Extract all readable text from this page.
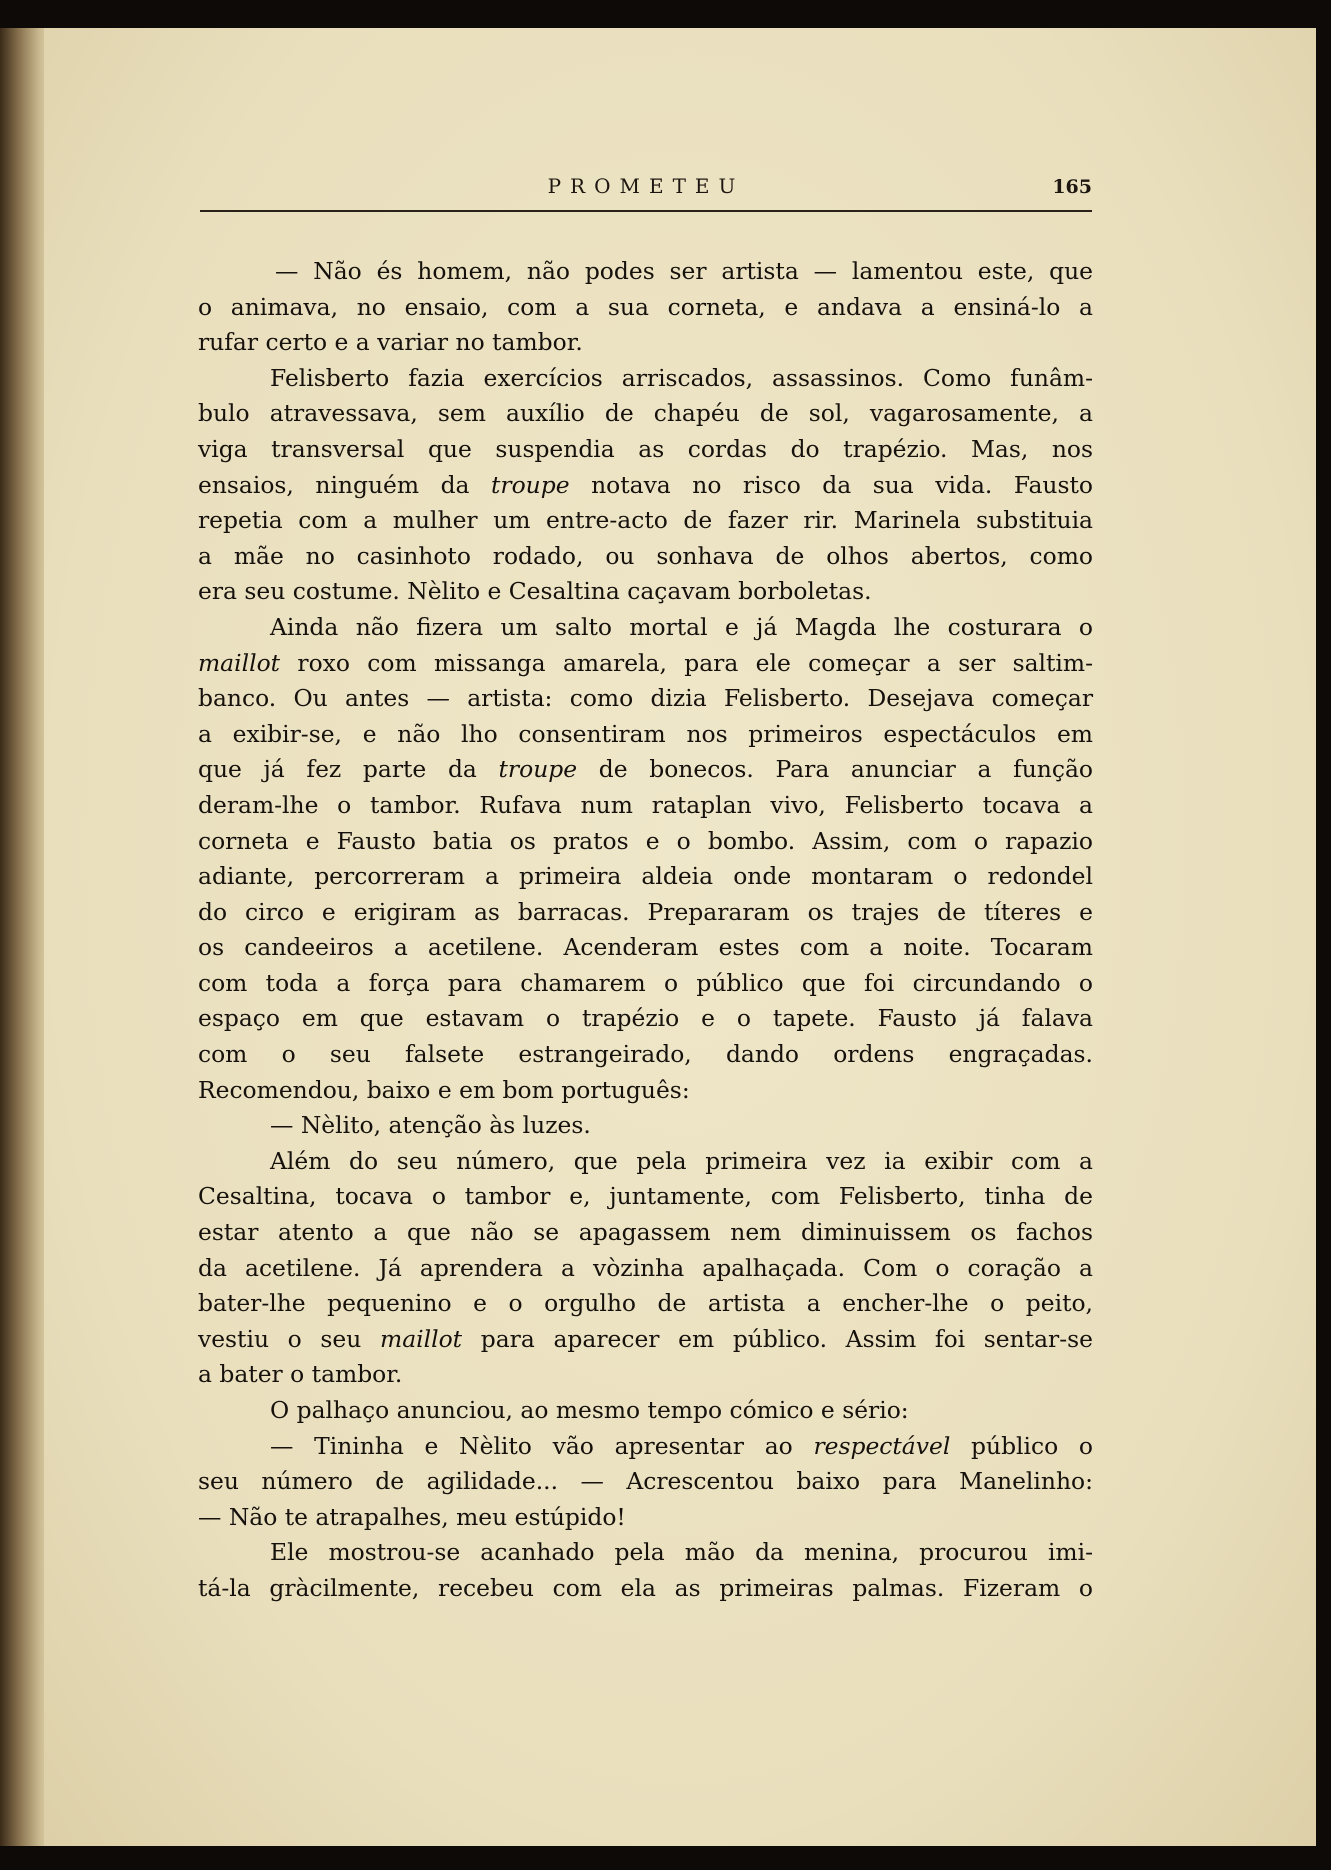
PROMETEU	165
— Não és homem, não podes ser artista — lamentou este, que
o animava, no ensaio, com a sua corneta, e andava a ensiná-lo a
rufar certo e a variar no tambor.
Felisberto fazia exercícios arriscados, assassinos. Como funâm-
bulo atravessava, sem auxílio de chapéu de sol, vagarosamente, a
viga transversal que suspendia as cordas do trapézio. Mas, nos
ensaios, ninguém da troupe notava no risco da sua vida. Fausto
repetia com a mulher um entre-acto de fazer rir. Marinela substituia
a mãe no casinhoto rodado, ou sonhava de olhos abertos, como
era seu costume. Nèlito e Cesaltina caçavam borboletas.
Ainda não fizera um salto mortal e já Magda lhe costurara o
maillot roxo com missanga amarela, para ele começar a ser saltim-
banco. Ou antes — artista: como dizia Felisberto. Desejava começar
a exibir-se, e não lho consentiram nos primeiros espectáculos em
que já fez parte da troupe de bonecos. Para anunciar a função
deram-lhe o tambor. Rufava num rataplan vivo, Felisberto tocava a
corneta e Fausto batia os pratos e o bombo. Assim, com o rapazio
adiante, percorreram a primeira aldeia onde montaram o redondel
do circo e erigiram as barracas. Prepararam os trajes de títeres e
os candeeiros a acetilene. Acenderam estes com a noite. Tocaram
com toda a força para chamarem o público que foi circundando o
espaço em que estavam o trapézio e o tapete. Fausto já falava
com o seu falsete estrangeirado, dando ordens engraçadas.
Recomendou, baixo e em bom português:
— Nèlito, atenção às luzes.
Além do seu número, que pela primeira vez ia exibir com a
Cesaltina, tocava o tambor e, juntamente, com Felisberto, tinha de
estar atento a que não se apagassem nem diminuissem os fachos
da acetilene. Já aprendera a vòzinha apalhaçada. Com o coração a
bater-lhe pequenino e o orgulho de artista a encher-lhe o peito,
vestiu o seu maillot para aparecer em público. Assim foi sentar-se
a bater o tambor.
O palhaço anunciou, ao mesmo tempo cómico e sério:
— Tininha e Nèlito vão apresentar ao respectável público o
seu número de agilidade... — Acrescentou baixo para Manelinho:
— Não te atrapalhes, meu estúpido!
Ele mostrou-se acanhado pela mão da menina, procurou imi-
tá-la gràcilmente, recebeu com ela as primeiras palmas. Fizeram o
